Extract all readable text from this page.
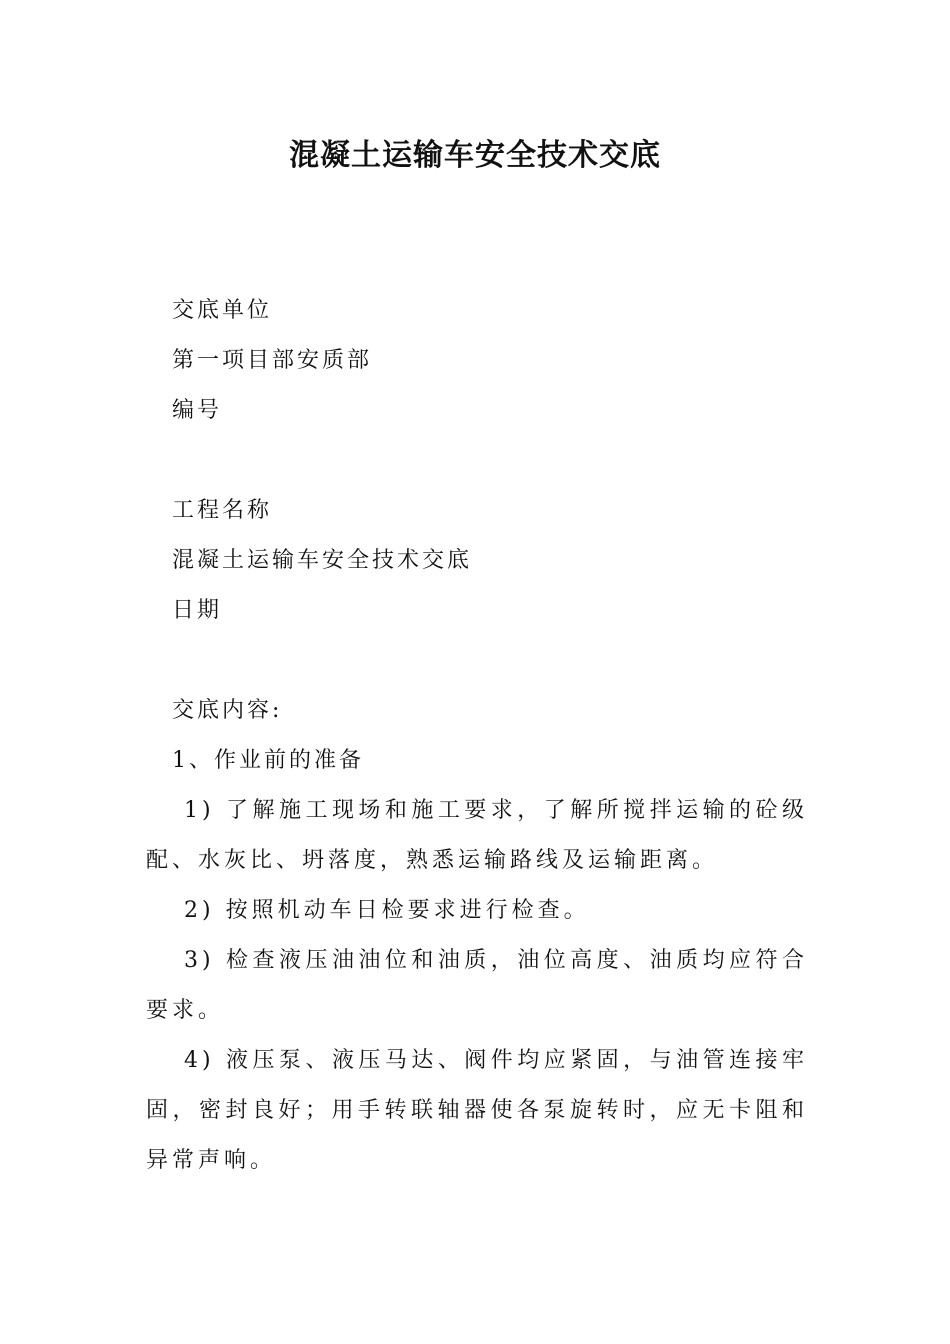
混凝土运输车安全技术交底
交底单位
第一项目部安质部
编号
工程名称
混凝土运输车安全技术交底
日期
交底内容:
1、作业前的准备

1) 了解施工现场和施工要求，了解所搅拌运输的砼级配、水灰比、坍落度，熟悉运输路线及运输距离。

2) 按照机动车日检要求进行检查。

3) 检查液压油油位和油质，油位高度、油质均应符合要求。

4) 液压泵、液压马达、阀件均应紧固，与油管连接牢固，密封良好；用手转联轴器使各泵旋转时，应无卡阻和异常声响。
